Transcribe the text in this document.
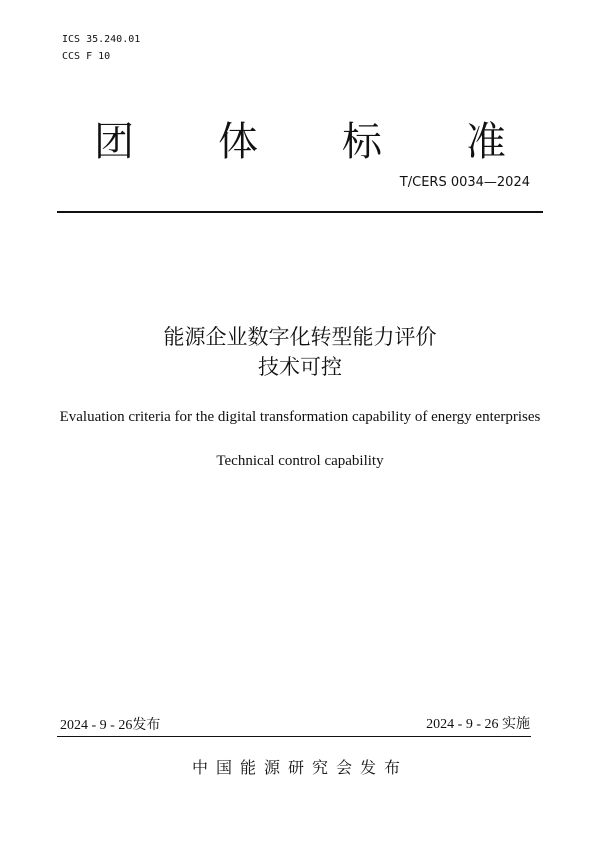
ICS 35.240.01
CCS F 10
团 体 标 准
T/CERS 0034—2024
能源企业数字化转型能力评价
技术可控
Evaluation criteria for the digital transformation capability of energy enterprises
Technical control capability
2024 - 9 - 26发布	2024 - 9 - 26 实施
中国能源研究会发布
